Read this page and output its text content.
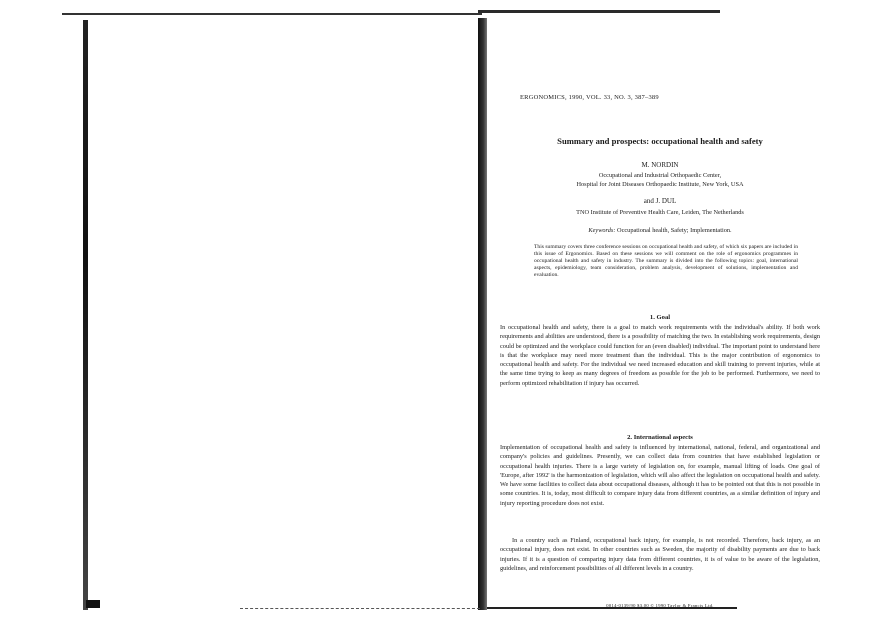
ERGONOMICS, 1990, VOL. 33, NO. 3, 387–389
Summary and prospects: occupational health and safety
M. NORDIN
Occupational and Industrial Orthopaedic Center,
Hospital for Joint Diseases Orthopaedic Institute, New York, USA
and J. DUL
TNO Institute of Preventive Health Care, Leiden, The Netherlands
Keywords: Occupational health, Safety; Implementation.
This summary covers three conference sessions on occupational health and safety, of which six papers are included in this issue of Ergonomics. Based on these sessions we will comment on the role of ergonomics programmes in occupational health and safety in industry. The summary is divided into the following topics: goal, international aspects, epidemiology, team consideration, problem analysis, development of solutions, implementation and evaluation.
1. Goal
In occupational health and safety, there is a goal to match work requirements with the individual's ability. If both work requirements and abilities are understood, there is a possibility of matching the two. In establishing work requirements, design could be optimized and the workplace could function for an (even disabled) individual. The important point to understand here is that the workplace may need more treatment than the individual. This is the major contribution of ergonomics to occupational health and safety. For the individual we need increased education and skill training to prevent injuries, while at the same time trying to keep as many degrees of freedom as possible for the job to be performed. Furthermore, we need to perform optimized rehabilitation if injury has occurred.
2. International aspects
Implementation of occupational health and safety is influenced by international, national, federal, and organizational and company's policies and guidelines. Presently, we can collect data from countries that have established legislation or occupational health injuries. There is a large variety of legislation on, for example, manual lifting of loads. One goal of 'Europe, after 1992' is the harmonization of legislation, which will also affect the legislation on occupational health and safety. We have some facilities to collect data about occupational diseases, although it has to be pointed out that this is not possible in some countries. It is, today, most difficult to compare injury data from different countries, as a similar definition of injury and injury reporting procedure does not exist.
In a country such as Finland, occupational back injury, for example, is not recorded. Therefore, back injury, as an occupational injury, does not exist. In other countries such as Sweden, the majority of disability payments are due to back injuries. If it is a question of comparing injury data from different countries, it is of value to be aware of the legislation, guidelines, and reinforcement possibilities of all different levels in a country.
0014-0139/90 $3.00 © 1990 Taylor & Francis Ltd.
